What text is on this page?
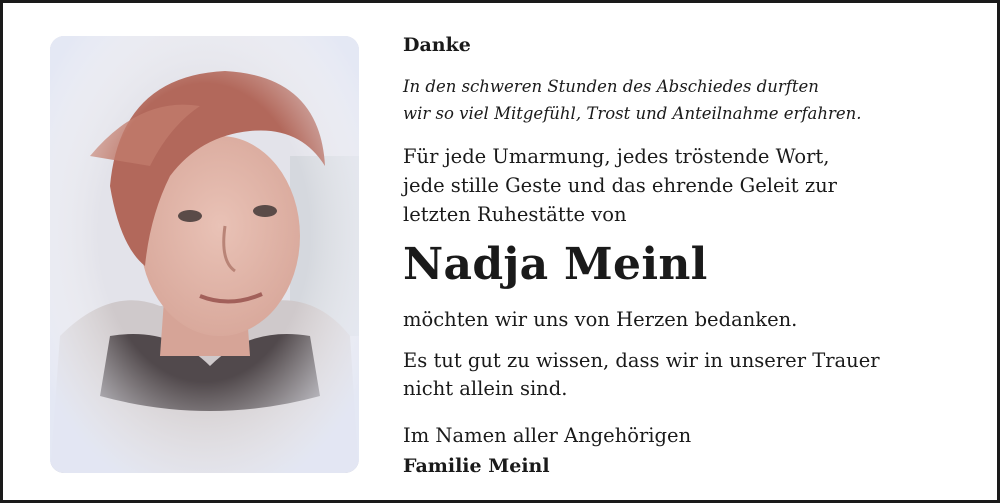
Danke
In den schweren Stunden des Abschiedes durften
wir so viel Mitgefühl, Trost und Anteilnahme erfahren.
Für jede Umarmung, jedes tröstende Wort,
jede stille Geste und das ehrende Geleit zur
letzten Ruhestätte von
Nadja Meinl
möchten wir uns von Herzen bedanken.
Es tut gut zu wissen, dass wir in unserer Trauer
nicht allein sind.
Im Namen aller Angehörigen
Familie Meinl
